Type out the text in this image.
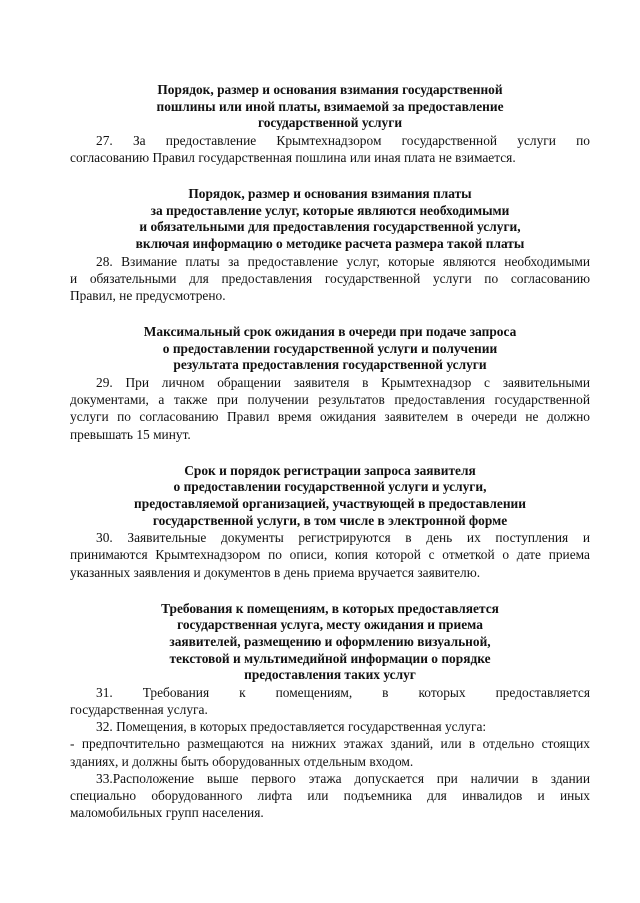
Порядок, размер и основания взимания государственной
пошлины или иной платы, взимаемой за предоставление
государственной услуги
27. За предоставление Крымтехнадзором государственной услуги по
согласованию Правил государственная пошлина или иная плата не взимается.
Порядок, размер и основания взимания платы
за предоставление услуг, которые являются необходимыми
и обязательными для предоставления государственной услуги,
включая информацию о методике расчета размера такой платы
28. Взимание платы за предоставление услуг, которые являются необходимыми
и обязательными для предоставления государственной услуги по согласованию
Правил, не предусмотрено.
Максимальный срок ожидания в очереди при подаче запроса
о предоставлении государственной услуги и получении
результата предоставления государственной услуги
29. При личном обращении заявителя в Крымтехнадзор с заявительными
документами, а также при получении результатов предоставления государственной
услуги по согласованию Правил время ожидания заявителем в очереди не должно
превышать 15 минут.
Срок и порядок регистрации запроса заявителя
о предоставлении государственной услуги и услуги,
предоставляемой организацией, участвующей в предоставлении
государственной услуги, в том числе в электронной форме
30. Заявительные документы регистрируются в день их поступления и
принимаются Крымтехнадзором по описи, копия которой с отметкой о дате приема
указанных заявления и документов в день приема вручается заявителю.
Требования к помещениям, в которых предоставляется
государственная услуга, месту ожидания и приема
заявителей, размещению и оформлению визуальной,
текстовой и мультимедийной информации о порядке
предоставления таких услуг
31. Требования к помещениям, в которых предоставляется
государственная услуга.
32. Помещения, в которых предоставляется государственная услуга:
- предпочтительно размещаются на нижних этажах зданий, или в отдельно стоящих
зданиях, и должны быть оборудованных отдельным входом.
33.Расположение выше первого этажа допускается при наличии в здании
специально оборудованного лифта или подъемника для инвалидов и иных
маломобильных групп населения.
